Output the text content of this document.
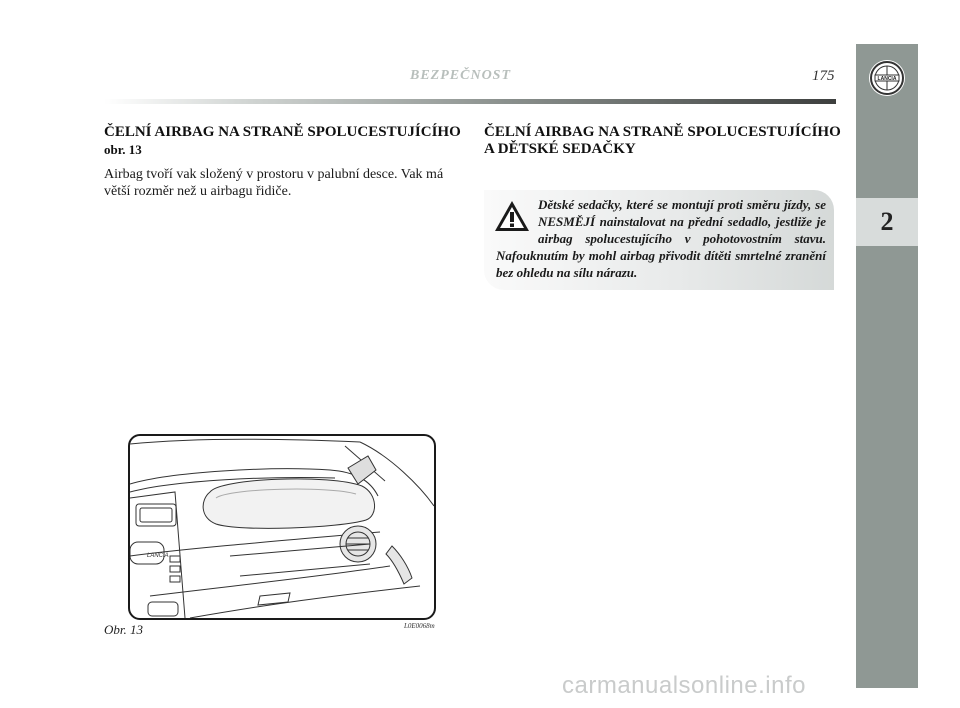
LANCIA
2
BEZPEČNOST	175
ČELNÍ AIRBAG NA STRANĚ SPOLUCESTUJÍCÍHO obr. 13
Airbag tvoří vak složený v prostoru v palubní desce. Vak má větší rozměr než u airbagu řidiče.
ČELNÍ AIRBAG NA STRANĚ SPOLUCESTUJÍCÍHO A DĚTSKÉ SEDAČKY
Dětské sedačky, které se montují proti směru jízdy, se NESMĚJÍ nainstalovat na přední sedadlo, jestliže je airbag spolucestujícího v pohotovostním stavu. Nafouknutím by mohl airbag přivodit dítěti smrtelné zranění bez ohledu na sílu nárazu.
LANCIA
Obr. 13	L0E0068m
carmanualsonline.info
